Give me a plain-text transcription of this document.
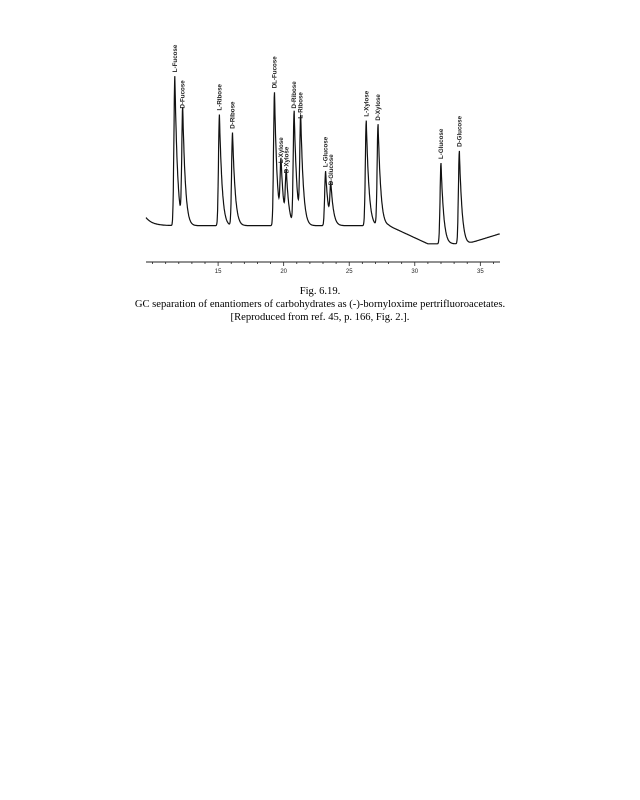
15	20	25	30	35
L-Fucose
D-Fucose	L-Ribose
D-Ribose
DL-Fucose
L-Xylose
D-Xylose
D-Ribose L-Ribose
L-Glucose
D-Glucose
L-Xylose D-Xylose
L-Glucose D-Glucose
Fig. 6.19.
GC separation of enantiomers of carbohydrates as (-)-bornyloxime pertrifluoroacetates.
[Reproduced from ref. 45, p. 166, Fig. 2.].
